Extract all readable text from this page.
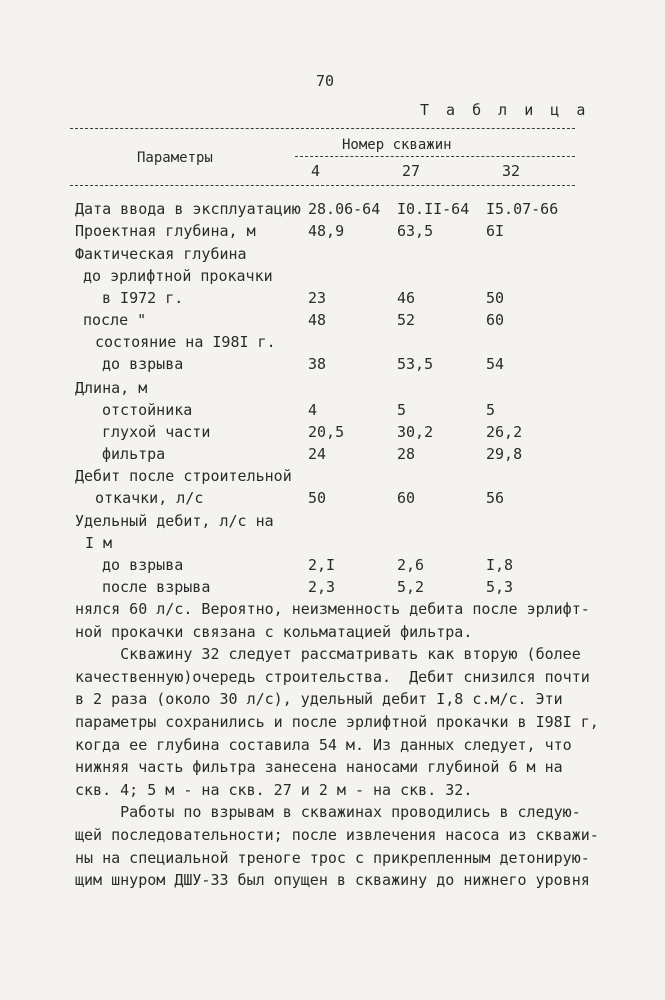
70
Т а б л и ц а
Параметры
Номер скважин
4	27	32
Дата ввода в эксплуатацию 28.06-64 I0.II-64 I5.07-66
Проектная глубина, м	48,9	63,5	6I
Фактическая глубина
до эрлифтной прокачки
в I972 г.	23	46	50
после "	48	52	60
состояние на I98I г.
до взрыва	38	53,5	54
Длина, м
отстойника	4	5	5
глухой части	20,5	30,2	26,2
фильтра	24	28	29,8
Дебит после строительной
откачки, л/с	50	60	56
Удельный дебит, л/с на
I м
до взрыва	2,I	2,6	I,8
после взрыва	2,3	5,2	5,3
нялся 60 л/с. Вероятно, неизменность дебита после эрлифт-
ной прокачки связана с кольматацией фильтра.
Скважину 32 следует рассматривать как вторую (более
качественную)очередь строительства.  Дебит снизился почти
в 2 раза (около 30 л/с), удельный дебит I,8 с.м/с. Эти
параметры сохранились и после эрлифтной прокачки в I98I г,
когда ее глубина составила 54 м. Из данных следует, что
нижняя часть фильтра занесена наносами глубиной 6 м на
скв. 4; 5 м - на скв. 27 и 2 м - на скв. 32.
Работы по взрывам в скважинах проводились в следую-
щей последовательности; после извлечения насоса из скважи-
ны на специальной треноге трос с прикрепленным детонирую-
щим шнуром ДШУ-33 был опущен в скважину до нижнего уровня
